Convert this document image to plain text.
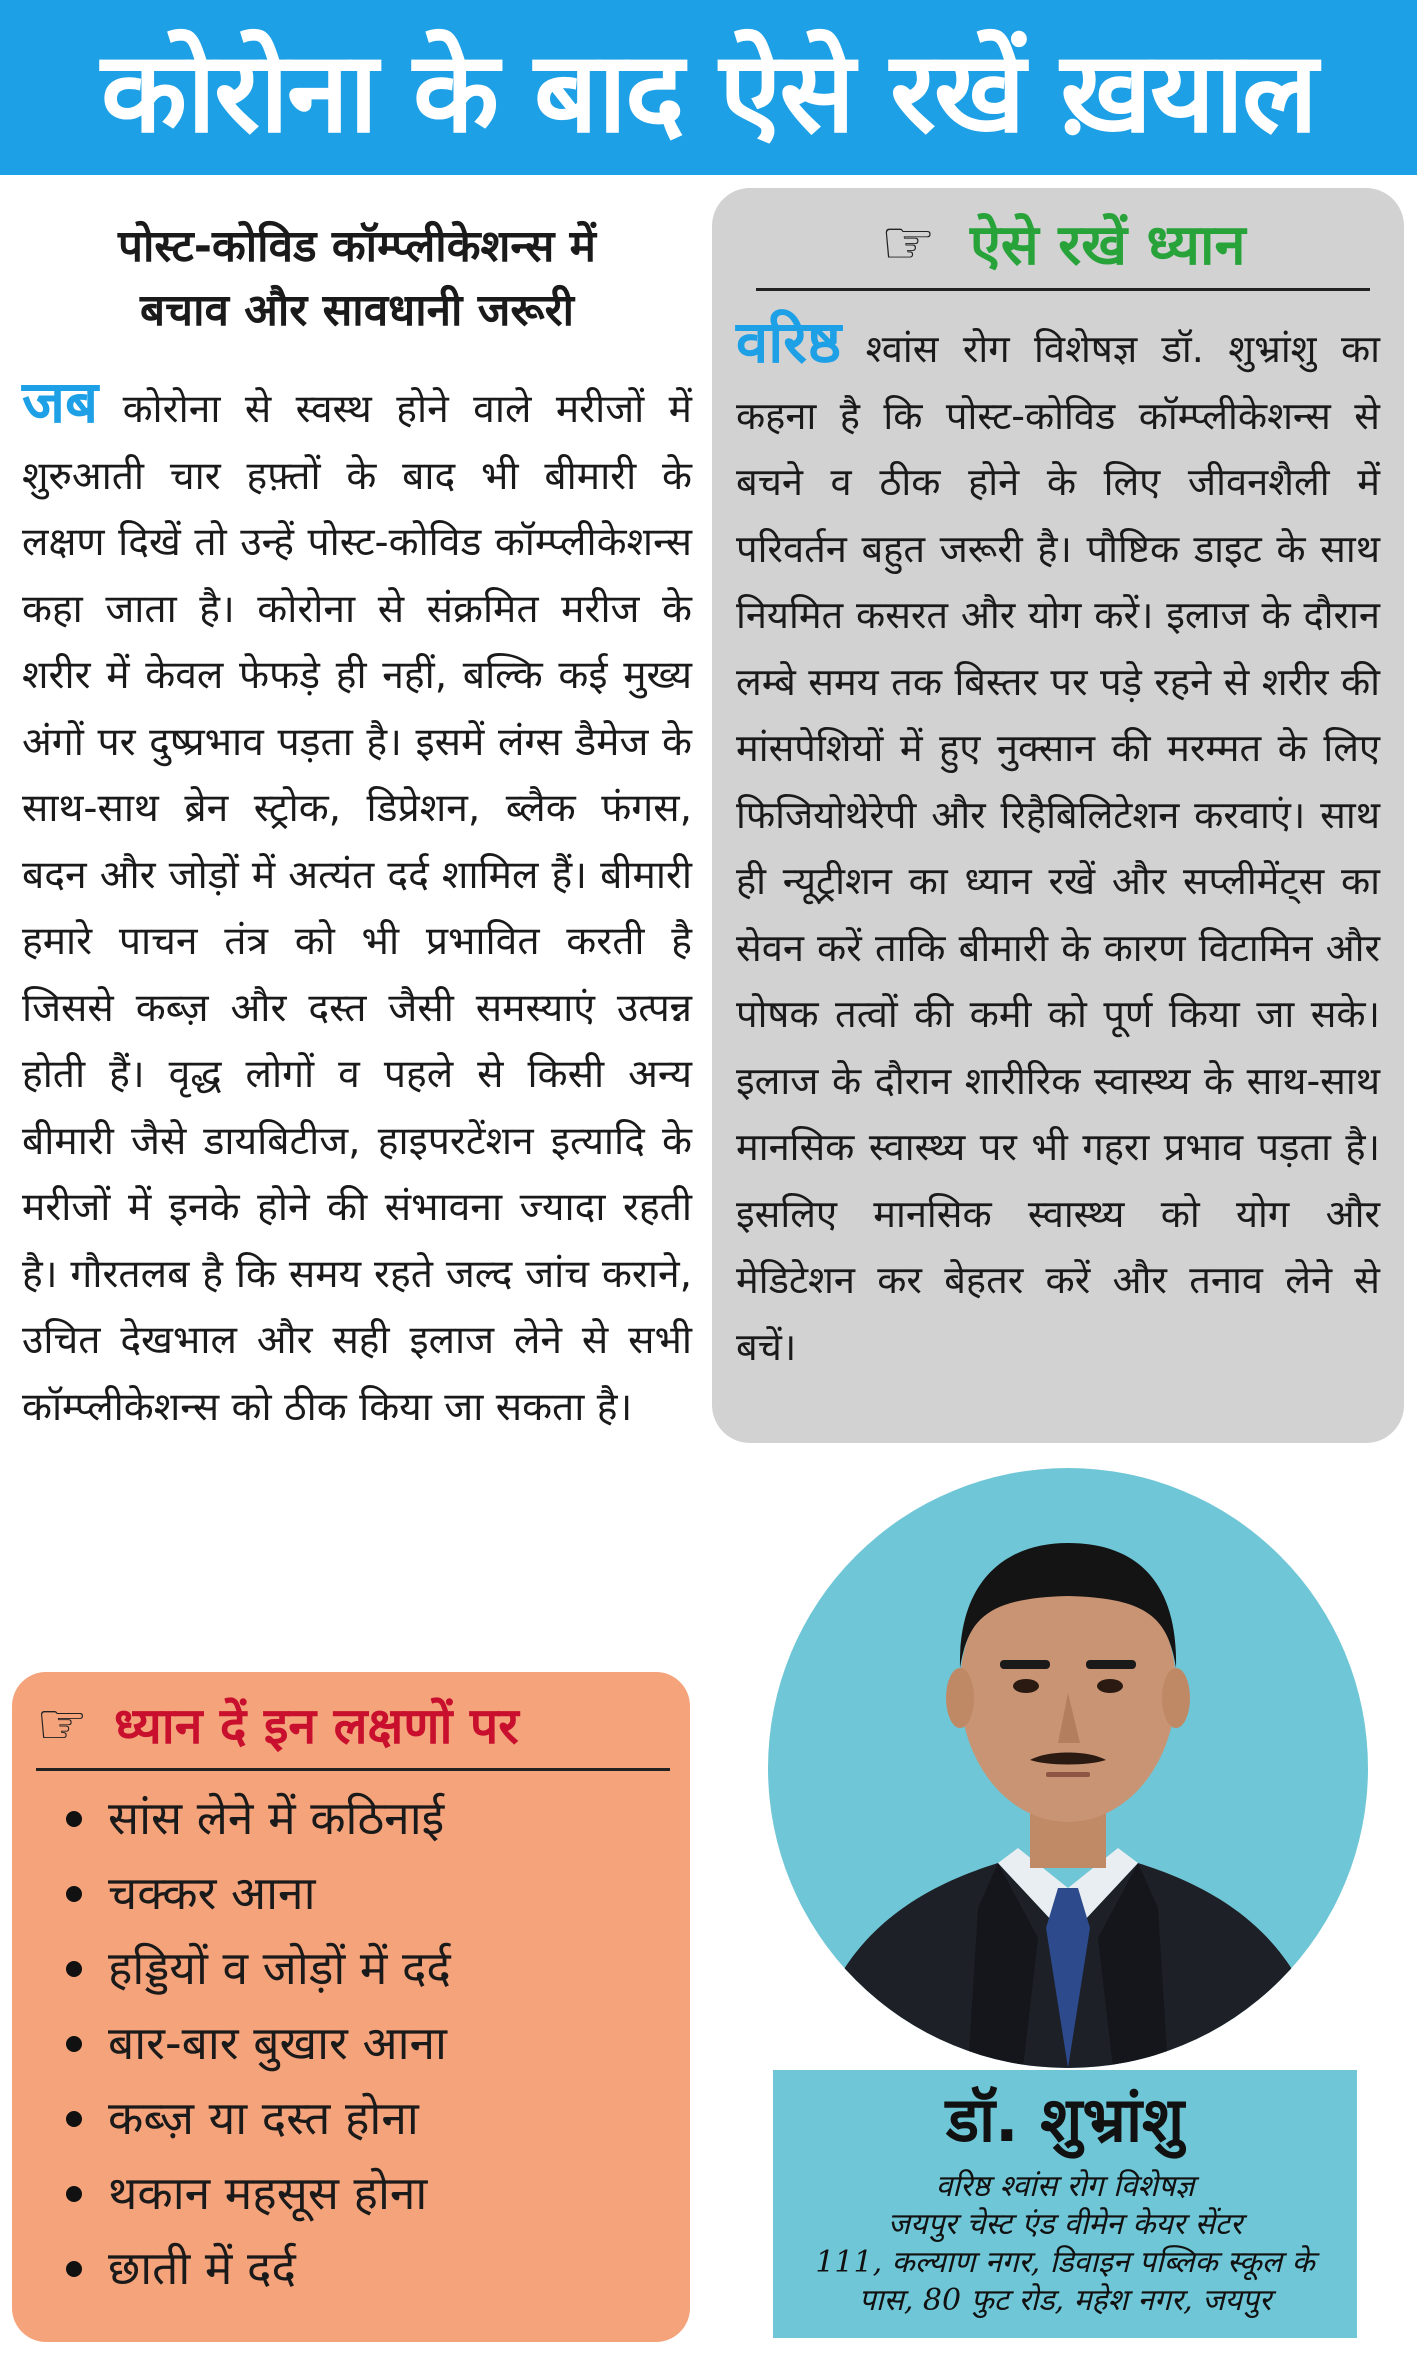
कोरोना के बाद ऐसे रखें ख़याल
पोस्ट-कोविड कॉम्प्लीकेशन्स में
बचाव और सावधानी जरूरी

जब कोरोना से स्वस्थ होने वाले मरीजों में शुरुआती चार हफ़्तों के बाद भी बीमारी के लक्षण दिखें तो उन्हें पोस्ट-कोविड कॉम्प्लीकेशन्स कहा जाता है। कोरोना से संक्रमित मरीज के शरीर में केवल फेफड़े ही नहीं, बल्कि कई मुख्य अंगों पर दुष्प्रभाव पड़ता है। इसमें लंग्स डैमेज के साथ-साथ ब्रेन स्ट्रोक, डिप्रेशन, ब्लैक फंगस, बदन और जोड़ों में अत्यंत दर्द शामिल हैं। बीमारी हमारे पाचन तंत्र को भी प्रभावित करती है जिससे कब्ज़ और दस्त जैसी समस्याएं उत्पन्न होती हैं। वृद्ध लोगों व पहले से किसी अन्य बीमारी जैसे डायबिटीज, हाइपरटेंशन इत्यादि के मरीजों में इनके होने की संभावना ज्यादा रहती है। गौरतलब है कि समय रहते जल्द जांच कराने, उचित देखभाल और सही इलाज लेने से सभी कॉम्प्लीकेशन्स को ठीक किया जा सकता है।

☞ ऐसे रखें ध्यान

वरिष्ठ श्वांस रोग विशेषज्ञ डॉ. शुभ्रांशु का कहना है कि पोस्ट-कोविड कॉम्प्लीकेशन्स से बचने व ठीक होने के लिए जीवनशैली में परिवर्तन बहुत जरूरी है। पौष्टिक डाइट के साथ नियमित कसरत और योग करें। इलाज के दौरान लम्बे समय तक बिस्तर पर पड़े रहने से शरीर की मांसपेशियों में हुए नुक्सान की मरम्मत के लिए फिजियोथेरेपी और रिहैबिलिटेशन करवाएं। साथ ही न्यूट्रीशन का ध्यान रखें और सप्लीमेंट्स का सेवन करें ताकि बीमारी के कारण विटामिन और पोषक तत्वों की कमी को पूर्ण किया जा सके। इलाज के दौरान शारीरिक स्वास्थ्य के साथ-साथ मानसिक स्वास्थ्य पर भी गहरा प्रभाव पड़ता है। इसलिए मानसिक स्वास्थ्य को योग और मेडिटेशन कर बेहतर करें और तनाव लेने से बचें।

☞ ध्यान दें इन लक्षणों पर
सांस लेने में कठिनाई
चक्कर आना
हड्डियों व जोड़ों में दर्द
बार-बार बुखार आना
कब्ज़ या दस्त होना
थकान महसूस होना
छाती में दर्द
डॉ. शुभ्रांशु

वरिष्ठ श्वांस रोग विशेषज्ञ

जयपुर चेस्ट एंड वीमेन केयर सेंटर

111, कल्याण नगर, डिवाइन पब्लिक स्कूल के

पास, 80 फुट रोड, महेश नगर, जयपुर
